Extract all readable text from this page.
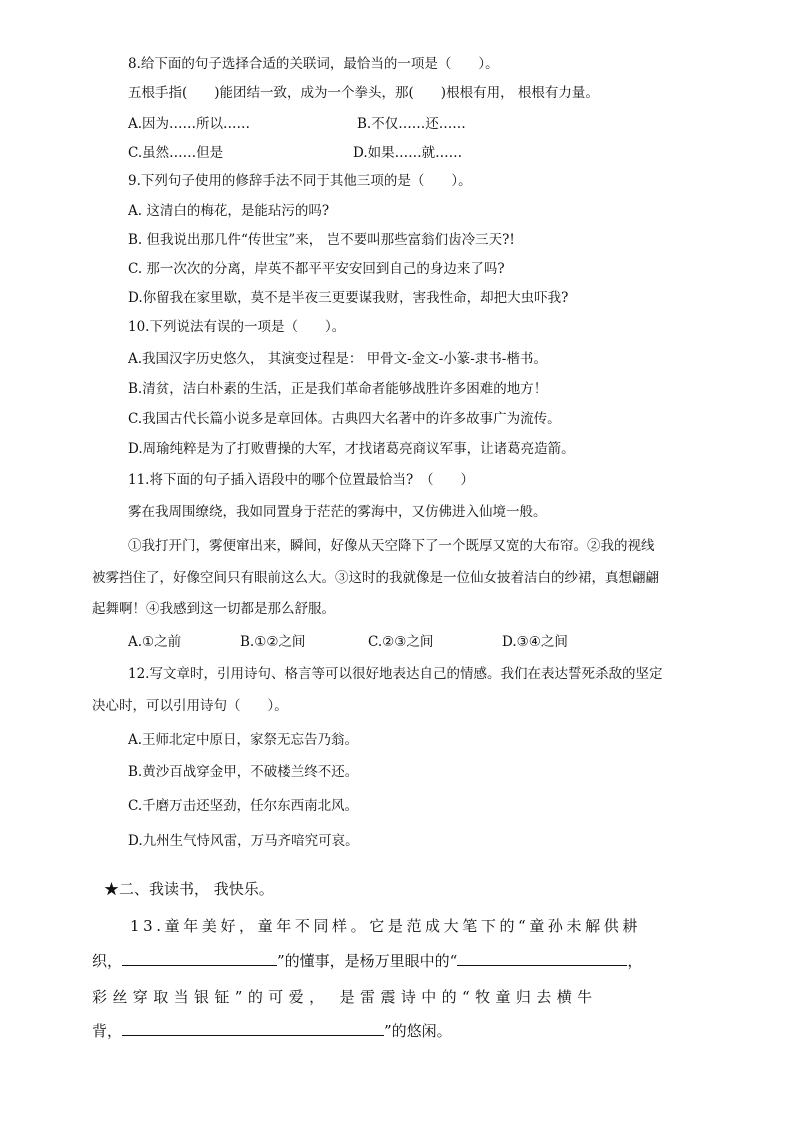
8.给下面的句子选择合适的关联词，最恰当的一项是（　　）。
五根手指(　　)能团结一致，成为一个拳头，那(　　)根根有用， 根根有力量。
A.因为……所以……	B.不仅……还……
C.虽然……但是	D.如果……就……
9.下列句子使用的修辞手法不同于其他三项的是（　　）。
A. 这清白的梅花，是能玷污的吗?
B. 但我说出那几件“传世宝”来， 岂不要叫那些富翁们齿冷三天?!
C. 那一次次的分离，岸英不都平平安安回到自己的身边来了吗?
D.你留我在家里歇，莫不是半夜三更要谋我财，害我性命，却把大虫吓我?
10.下列说法有误的一项是（　　）。
A.我国汉字历史悠久， 其演变过程是： 甲骨文-金文-小篆-隶书-楷书。
B.清贫，洁白朴素的生活，正是我们革命者能够战胜许多困难的地方！
C.我国古代长篇小说多是章回体。古典四大名著中的许多故事广为流传。
D.周瑜纯粹是为了打败曹操的大军，才找诸葛亮商议军事，让诸葛亮造箭。
11.将下面的句子插入语段中的哪个位置最恰当?　（　　）
雾在我周围缭绕，我如同置身于茫茫的雾海中，又仿佛进入仙境一般。
①我打开门，雾便窜出来，瞬间，好像从天空降下了一个既厚又宽的大布帘。②我的视线
被雾挡住了，好像空间只有眼前这么大。③这时的我就像是一位仙女披着洁白的纱裙，真想翩翩
起舞啊！④我感到这一切都是那么舒服。
A.①之前	B.①②之间	C.②③之间	D.③④之间
12.写文章时，引用诗句、格言等可以很好地表达自己的情感。我们在表达誓死杀敌的坚定
决心时，可以引用诗句（　　）。
A.王师北定中原日，家祭无忘告乃翁。
B.黄沙百战穿金甲，不破楼兰终不还。
C.千磨万击还坚劲，任尔东西南北风。
D.九州生气恃风雷，万马齐喑究可哀。
★二、我读书， 我快乐。
13.童年美好，童年不同样。它是范成大笔下的“童孙未解供耕
织，	”的懂事，是杨万里眼中的“	，
彩丝穿取当银钲”的可爱， 是雷震诗中的“牧童归去横牛
背，	”的悠闲。
